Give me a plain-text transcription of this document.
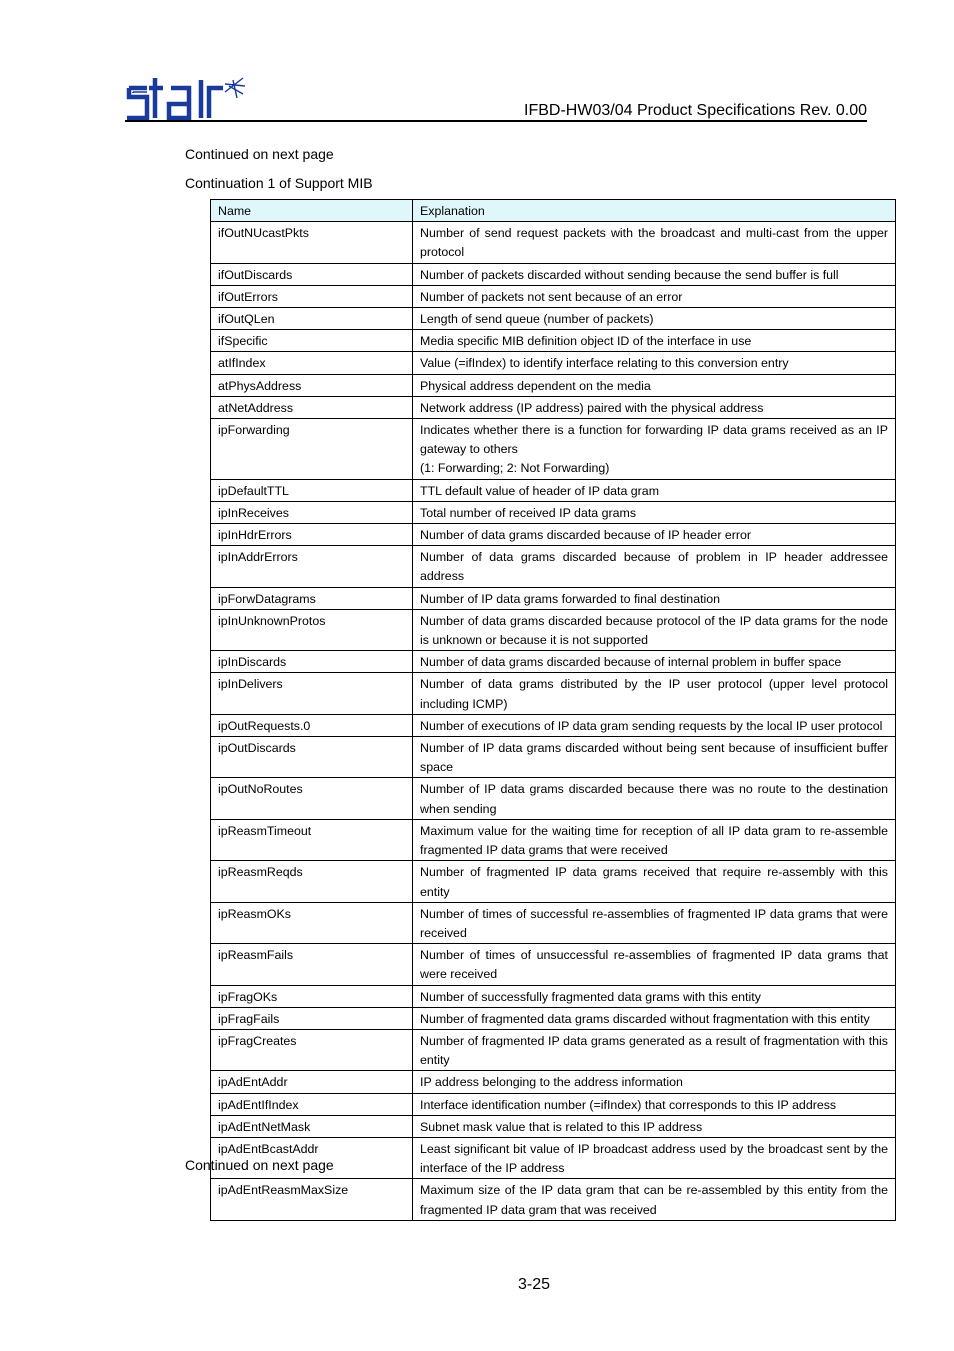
IFBD-HW03/04 Product Specifications Rev. 0.00
Continued on next page
Continuation 1 of Support MIB
Name	Explanation
ifOutNUcastPkts	Number of send request packets with the broadcast and multi-cast from the upper protocol
ifOutDiscards	Number of packets discarded without sending because the send buffer is full
ifOutErrors	Number of packets not sent because of an error
ifOutQLen	Length of send queue (number of packets)
ifSpecific	Media specific MIB definition object ID of the interface in use
atIfIndex	Value (=ifIndex) to identify interface relating to this conversion entry
atPhysAddress	Physical address dependent on the media
atNetAddress	Network address (IP address) paired with the physical address
ipForwarding	Indicates whether there is a function for forwarding IP data grams received as an IP gateway to others
(1: Forwarding; 2: Not Forwarding)
ipDefaultTTL	TTL default value of header of IP data gram
ipInReceives	Total number of received IP data grams
ipInHdrErrors	Number of data grams discarded because of IP header error
ipInAddrErrors	Number of data grams discarded because of problem in IP header addressee address
ipForwDatagrams	Number of IP data grams forwarded to final destination
ipInUnknownProtos	Number of data grams discarded because protocol of the IP data grams for the node is unknown or because it is not supported
ipInDiscards	Number of data grams discarded because of internal problem in buffer space
ipInDelivers	Number of data grams distributed by the IP user protocol (upper level protocol including ICMP)
ipOutRequests.0	Number of executions of IP data gram sending requests by the local IP user protocol
ipOutDiscards	Number of IP data grams discarded without being sent because of insufficient buffer space
ipOutNoRoutes	Number of IP data grams discarded because there was no route to the destination when sending
ipReasmTimeout	Maximum value for the waiting time for reception of all IP data gram to re-assemble fragmented IP data grams that were received
ipReasmReqds	Number of fragmented IP data grams received that require re-assembly with this entity
ipReasmOKs	Number of times of successful re-assemblies of fragmented IP data grams that were received
ipReasmFails	Number of times of unsuccessful re-assemblies of fragmented IP data grams that were received
ipFragOKs	Number of successfully fragmented data grams with this entity
ipFragFails	Number of fragmented data grams discarded without fragmentation with this entity
ipFragCreates	Number of fragmented IP data grams generated as a result of fragmentation with this entity
ipAdEntAddr	IP address belonging to the address information
ipAdEntIfIndex	Interface identification number (=ifIndex) that corresponds to this IP address
ipAdEntNetMask	Subnet mask value that is related to this IP address
ipAdEntBcastAddr	Least significant bit value of IP broadcast address used by the broadcast sent by the interface of the IP address
ipAdEntReasmMaxSize	Maximum size of the IP data gram that can be re-assembled by this entity from the fragmented IP data gram that was received
Continued on next page
3-25
